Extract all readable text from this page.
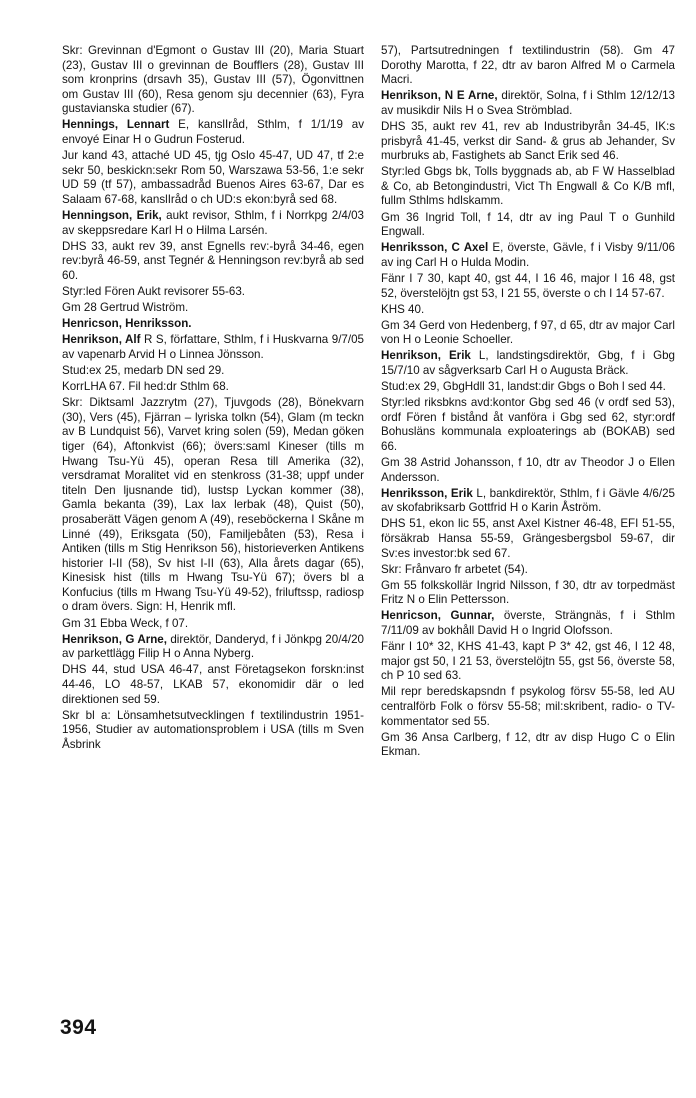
Skr: Grevinnan d'Egmont o Gustav III (20), Maria Stuart (23), Gustav III o grevinnan de Boufflers (28), Gustav III som kronprins (drsavh 35), Gustav III (57), Ögonvittnen om Gustav III (60), Resa genom sju decennier (63), Fyra gustavianska studier (67).

Hennings, Lennart E, kanslIråd, Sthlm, f 1/1/19 av envoyé Einar H o Gudrun Fosterud.

Jur kand 43, attaché UD 45, tjg Oslo 45-47, UD 47, tf 2:e sekr 50, beskickn:sekr Rom 50, Warszawa 53-56, 1:e sekr UD 59 (tf 57), ambassadråd Buenos Aires 63-67, Dar es Salaam 67-68, kanslIråd o ch UD:s ekon:byrå sed 68.

Henningson, Erik, aukt revisor, Sthlm, f i Norrkpg 2/4/03 av skeppsredare Karl H o Hilma Larsén.

DHS 33, aukt rev 39, anst Egnells rev:-byrå 34-46, egen rev:byrå 46-59, anst Tegnér & Henningson rev:byrå ab sed 60.

Styr:led Fören Aukt revisorer 55-63.

Gm 28 Gertrud Wiström.

Henricson, Henriksson.

Henrikson, Alf R S, författare, Sthlm, f i Huskvarna 9/7/05 av vapenarb Arvid H o Linnea Jönsson.

Stud:ex 25, medarb DN sed 29.

KorrLHA 67. Fil hed:dr Sthlm 68.

Skr: Diktsaml Jazzrytm (27), Tjuvgods (28), Bönekvarn (30), Vers (45), Fjärran – lyriska tolkn (54), Glam (m teckn av B Lundquist 56), Varvet kring solen (59), Medan göken tiger (64), Aftonkvist (66); övers:saml Kineser (tills m Hwang Tsu-Yü 45), operan Resa till Amerika (32), versdramat Moralitet vid en stenkross (31-38; uppf under titeln Den ljusnande tid), lustsp Lyckan kommer (38), Gamla bekanta (39), Lax lax lerbak (48), Quist (50), prosaberätt Vägen genom A (49), reseböckerna I Skåne m Linné (49), Eriksgata (50), Familjebåten (53), Resa i Antiken (tills m Stig Henrikson 56), historieverken Antikens historier I-II (58), Sv hist I-II (63), Alla årets dagar (65), Kinesisk hist (tills m Hwang Tsu-Yü 67); övers bl a Konfucius (tills m Hwang Tsu-Yü 49-52), friluftssp, radiosp o dram övers. Sign: H, Henrik mfl.

Gm 31 Ebba Weck, f 07.

Henrikson, G Arne, direktör, Danderyd, f i Jönkpg 20/4/20 av parkettlägg Filip H o Anna Nyberg.

DHS 44, stud USA 46-47, anst Företagsekon forskn:inst 44-46, LO 48-57, LKAB 57, ekonomidir där o led direktionen sed 59.

Skr bl a: Lönsamhetsutvecklingen f textilindustrin 1951-1956, Studier av automationsproblem i USA (tills m Sven Åsbrink

57), Partsutredningen f textilindustrin (58). Gm 47 Dorothy Marotta, f 22, dtr av baron Alfred M o Carmela Macri.

Henrikson, N E Arne, direktör, Solna, f i Sthlm 12/12/13 av musikdir Nils H o Svea Strömblad.

DHS 35, aukt rev 41, rev ab Industribyrån 34-45, IK:s prisbyrå 41-45, verkst dir Sand- & grus ab Jehander, Sv murbruks ab, Fastighets ab Sanct Erik sed 46.

Styr:led Gbgs bk, Tolls byggnads ab, ab F W Hasselblad & Co, ab Betongindustri, Vict Th Engwall & Co K/B mfl, fullm Sthlms hdlskamm.

Gm 36 Ingrid Toll, f 14, dtr av ing Paul T o Gunhild Engwall.

Henriksson, C Axel E, överste, Gävle, f i Visby 9/11/06 av ing Carl H o Hulda Modin.

Fänr I 7 30, kapt 40, gst 44, I 16 46, major I 16 48, gst 52, överstelöjtn gst 53, I 21 55, överste o ch I 14 57-67.

KHS 40.

Gm 34 Gerd von Hedenberg, f 97, d 65, dtr av major Carl von H o Leonie Schoeller.

Henrikson, Erik L, landstingsdirektör, Gbg, f i Gbg 15/7/10 av sågverksarb Carl H o Augusta Bräck.

Stud:ex 29, GbgHdll 31, landst:dir Gbgs o Boh l sed 44.

Styr:led riksbkns avd:kontor Gbg sed 46 (v ordf sed 53), ordf Fören f bistånd åt vanföra i Gbg sed 62, styr:ordf Bohusläns kommunala exploaterings ab (BOKAB) sed 66.

Gm 38 Astrid Johansson, f 10, dtr av Theodor J o Ellen Andersson.

Henriksson, Erik L, bankdirektör, Sthlm, f i Gävle 4/6/25 av skofabriksarb Gottfrid H o Karin Åström.

DHS 51, ekon lic 55, anst Axel Kistner 46-48, EFI 51-55, försäkrab Hansa 55-59, Grängesbergsbol 59-67, dir Sv:es investor:bk sed 67.

Skr: Frånvaro fr arbetet (54).

Gm 55 folkskollär Ingrid Nilsson, f 30, dtr av torpedmäst Fritz N o Elin Pettersson.

Henricson, Gunnar, överste, Strängnäs, f i Sthlm 7/11/09 av bokhåll David H o Ingrid Olofsson.

Fänr I 10* 32, KHS 41-43, kapt P 3* 42, gst 46, I 12 48, major gst 50, I 21 53, överstelöjtn 55, gst 56, överste 58, ch P 10 sed 63.

Mil repr beredskapsndn f psykolog försv 55-58, led AU centralförb Folk o försv 55-58; mil:skribent, radio- o TV-kommentator sed 55.

Gm 36 Ansa Carlberg, f 12, dtr av disp Hugo C o Elin Ekman.

394
